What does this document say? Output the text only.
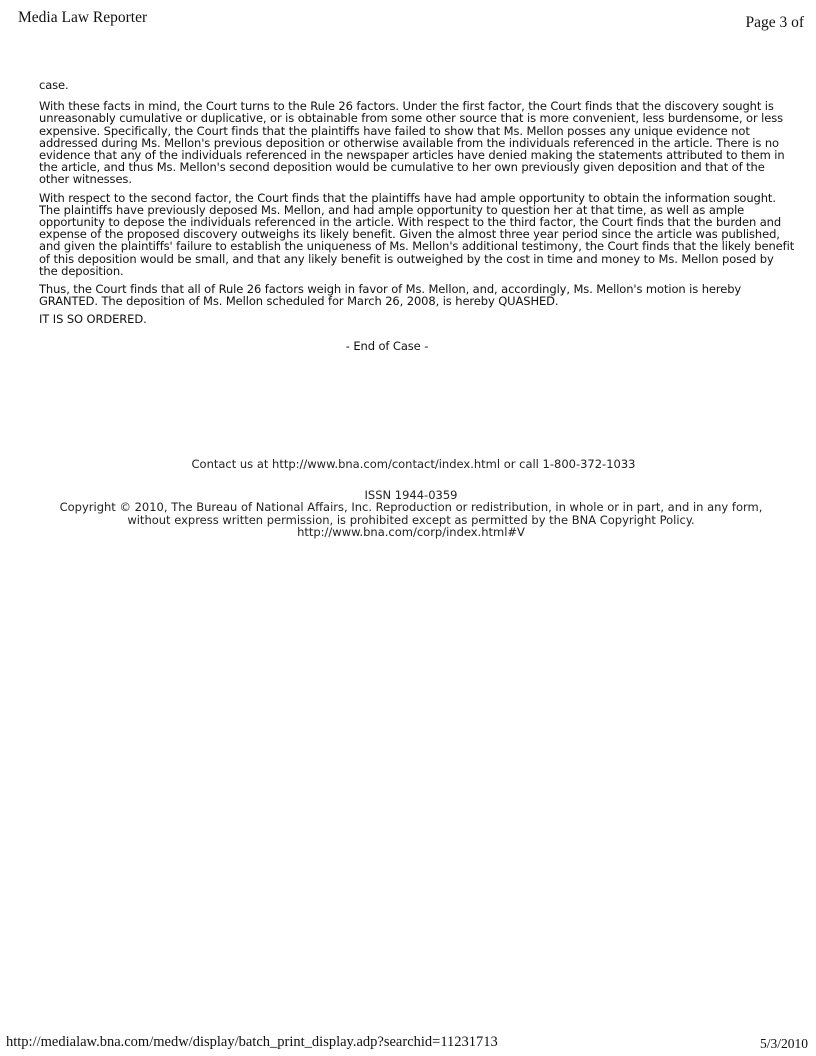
Media Law Reporter	Page 3 of

case.

With these facts in mind, the Court turns to the Rule 26 factors. Under the first factor, the Court finds that the discovery sought is unreasonably cumulative or duplicative, or is obtainable from some other source that is more convenient, less burdensome, or less expensive. Specifically, the Court finds that the plaintiffs have failed to show that Ms. Mellon posses any unique evidence not addressed during Ms. Mellon's previous deposition or otherwise available from the individuals referenced in the article. There is no evidence that any of the individuals referenced in the newspaper articles have denied making the statements attributed to them in the article, and thus Ms. Mellon's second deposition would be cumulative to her own previously given deposition and that of the other witnesses.

With respect to the second factor, the Court finds that the plaintiffs have had ample opportunity to obtain the information sought. The plaintiffs have previously deposed Ms. Mellon, and had ample opportunity to question her at that time, as well as ample opportunity to depose the individuals referenced in the article. With respect to the third factor, the Court finds that the burden and expense of the proposed discovery outweighs its likely benefit. Given the almost three year period since the article was published, and given the plaintiffs' failure to establish the uniqueness of Ms. Mellon's additional testimony, the Court finds that the likely benefit of this deposition would be small, and that any likely benefit is outweighed by the cost in time and money to Ms. Mellon posed by the deposition.

Thus, the Court finds that all of Rule 26 factors weigh in favor of Ms. Mellon, and, accordingly, Ms. Mellon's motion is hereby GRANTED. The deposition of Ms. Mellon scheduled for March 26, 2008, is hereby QUASHED.

IT IS SO ORDERED.

- End of Case -
Contact us at http://www.bna.com/contact/index.html or call 1-800-372-1033
ISSN 1944-0359
Copyright © 2010, The Bureau of National Affairs, Inc. Reproduction or redistribution, in whole or in part, and in any form,
without express written permission, is prohibited except as permitted by the BNA Copyright Policy.
http://www.bna.com/corp/index.html#V
http://medialaw.bna.com/medw/display/batch_print_display.adp?searchid=11231713	5/3/2010
